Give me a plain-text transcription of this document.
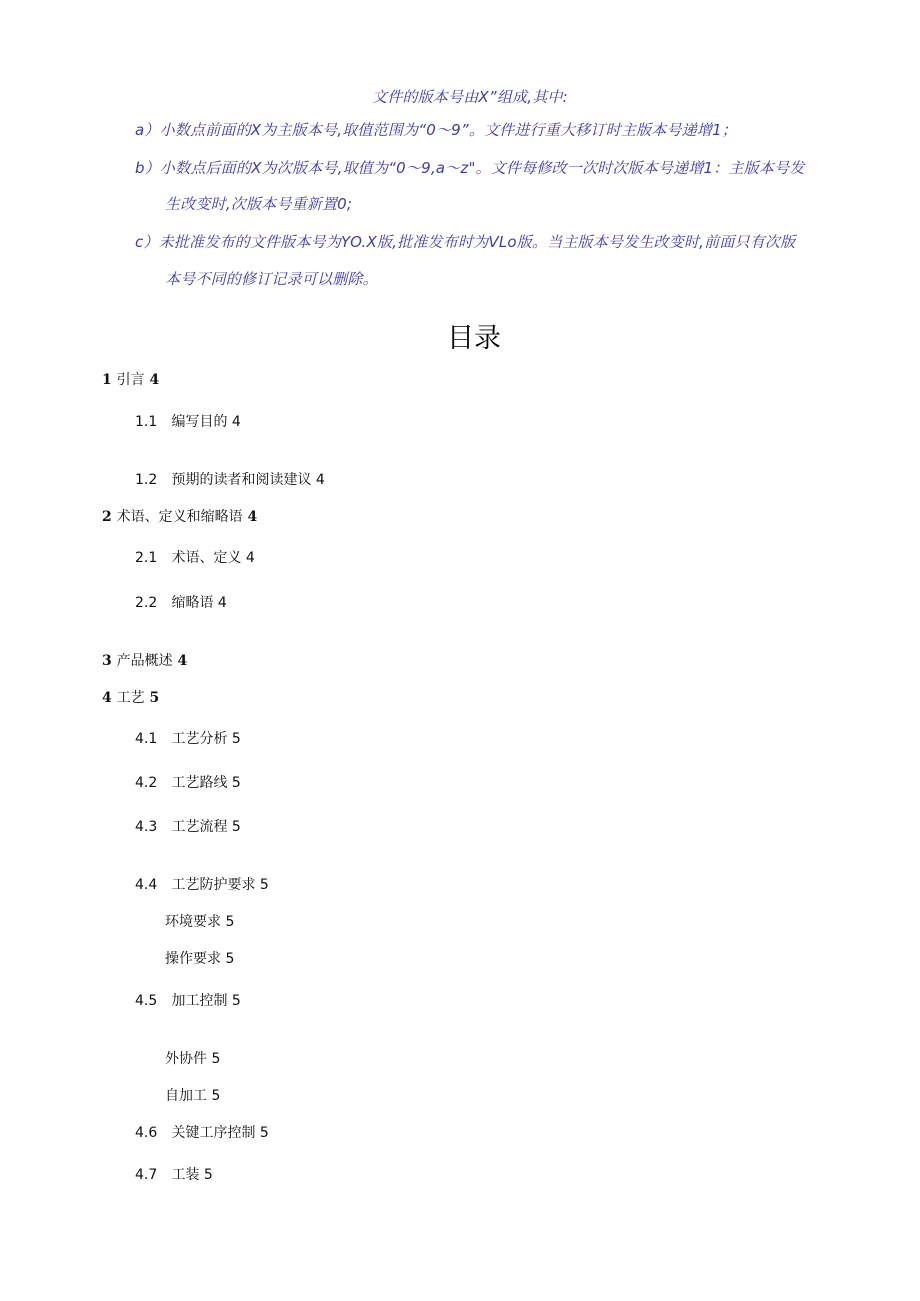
文件的版本号由X”组成,其中:
a）小数点前面的X为主版本号,取值范围为“0～9”。文件进行重大移订时主版本号递增1；
b）小数点后面的X为次版本号,取值为“0～9,a～z"。文件每修改一次时次版本号递增1：主版本号发
生改变时,次版本号重新置0;
c）未批准发布的文件版本号为YO.X版,批准发布时为VLo版。当主版本号发生改变时,前面只有次版
本号不同的修订记录可以删除。
目录
1 引言 4
1.1 编写目的 4
1.2 预期的读者和阅读建议 4
2 术语、定义和缩略语 4
2.1 术语、定义 4
2.2 缩略语 4
3 产品概述 4
4 工艺 5
4.1 工艺分析 5
4.2 工艺路线 5
4.3 工艺流程 5
4.4 工艺防护要求 5
环境要求 5
操作要求 5
4.5 加工控制 5
外协件 5
自加工 5
4.6 关键工序控制 5
4.7 工装 5
